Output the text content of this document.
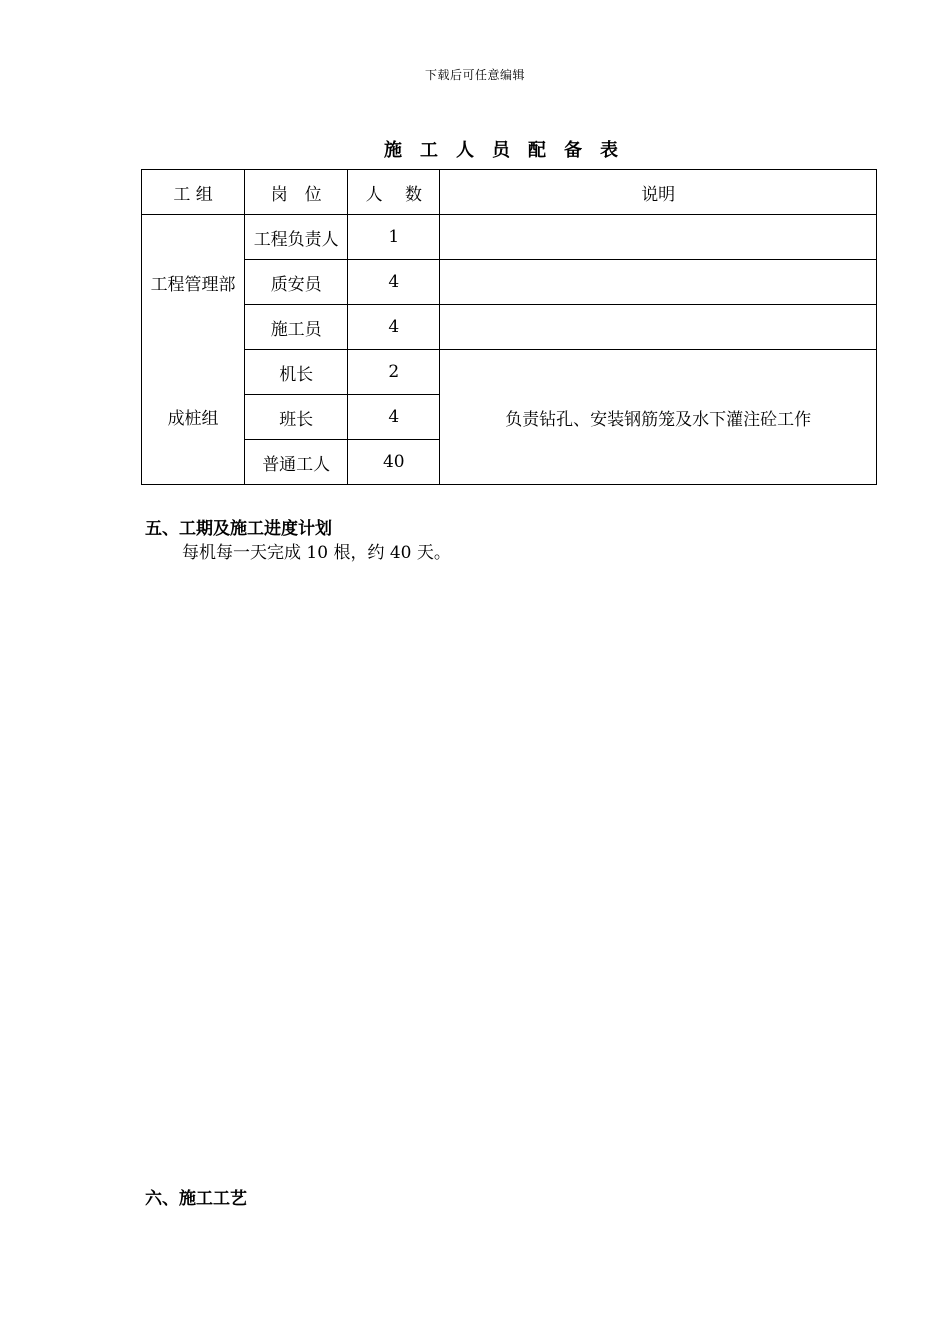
下载后可任意编辑
施工人员配备表
工 组	岗　位	人　 数	说明
工程管理部	工程负责人	1	
	质安员	4	
	施工员	4	
成桩组	机长	2	负责钻孔、安装钢筋笼及水下灌注砼工作
	班长	4	
	普通工人	40	
五、工期及施工进度计划
每机每一天完成 10 根，约 40 天。
六、施工工艺
